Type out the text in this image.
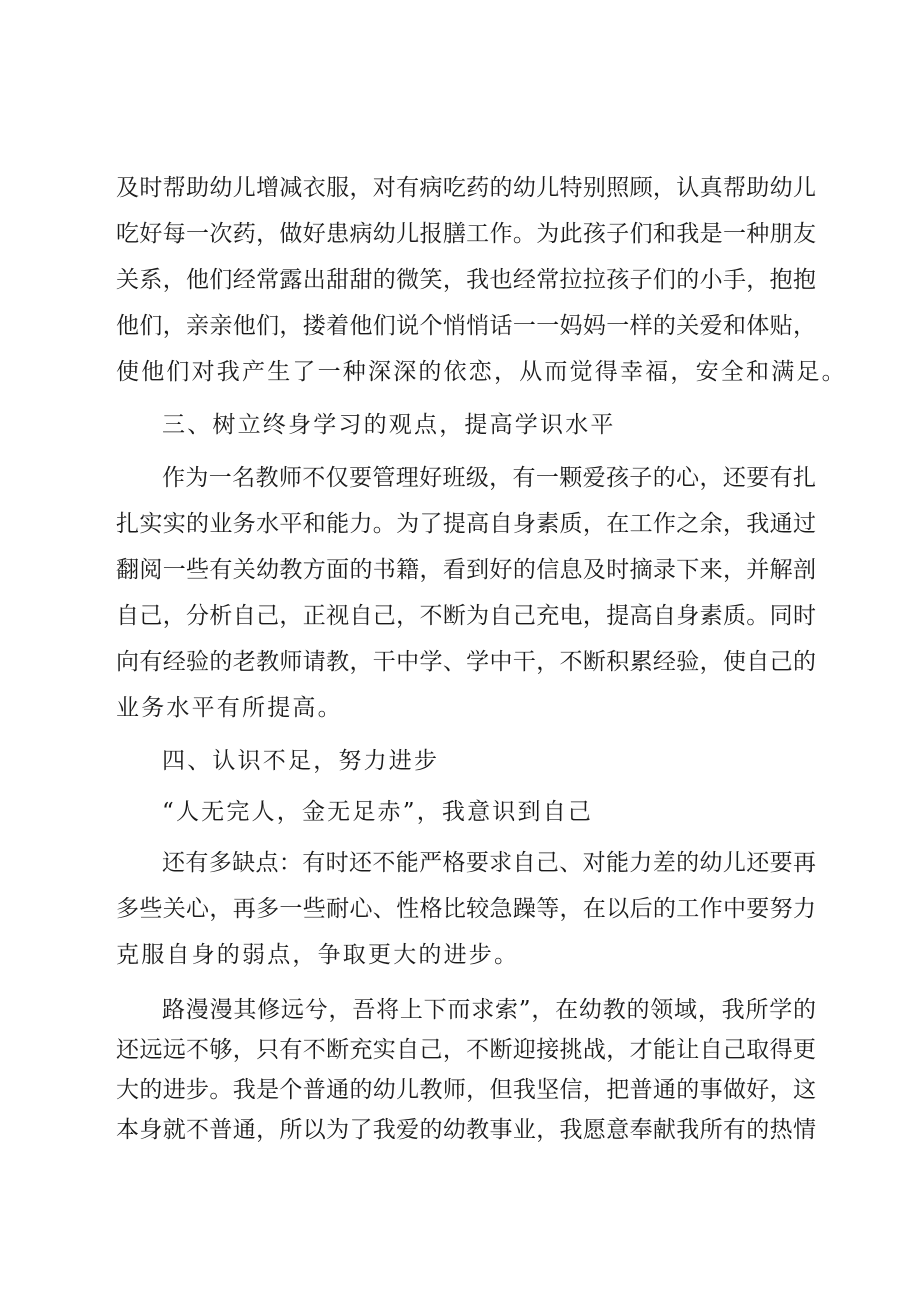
及时帮助幼儿增减衣服，对有病吃药的幼儿特别照顾，认真帮助幼儿

吃好每一次药，做好患病幼儿报膳工作。为此孩子们和我是一种朋友

关系，他们经常露出甜甜的微笑，我也经常拉拉孩子们的小手，抱抱

他们，亲亲他们，搂着他们说个悄悄话一一妈妈一样的关爱和体贴，

使他们对我产生了一种深深的依恋，从而觉得幸福，安全和满足。

三、树立终身学习的观点，提高学识水平

作为一名教师不仅要管理好班级，有一颗爱孩子的心，还要有扎

扎实实的业务水平和能力。为了提高自身素质，在工作之余，我通过

翻阅一些有关幼教方面的书籍，看到好的信息及时摘录下来，并解剖

自己，分析自己，正视自己，不断为自己充电，提高自身素质。同时

向有经验的老教师请教，干中学、学中干，不断积累经验，使自己的

业务水平有所提高。

四、认识不足，努力进步

“人无完人，金无足赤”，我意识到自己

还有多缺点：有时还不能严格要求自己、对能力差的幼儿还要再

多些关心，再多一些耐心、性格比较急躁等，在以后的工作中要努力

克服自身的弱点，争取更大的进步。

路漫漫其修远兮，吾将上下而求索”，在幼教的领域，我所学的

还远远不够，只有不断充实自己，不断迎接挑战，才能让自己取得更

大的进步。我是个普通的幼儿教师，但我坚信，把普通的事做好，这

本身就不普通，所以为了我爱的幼教事业，我愿意奉献我所有的热情
